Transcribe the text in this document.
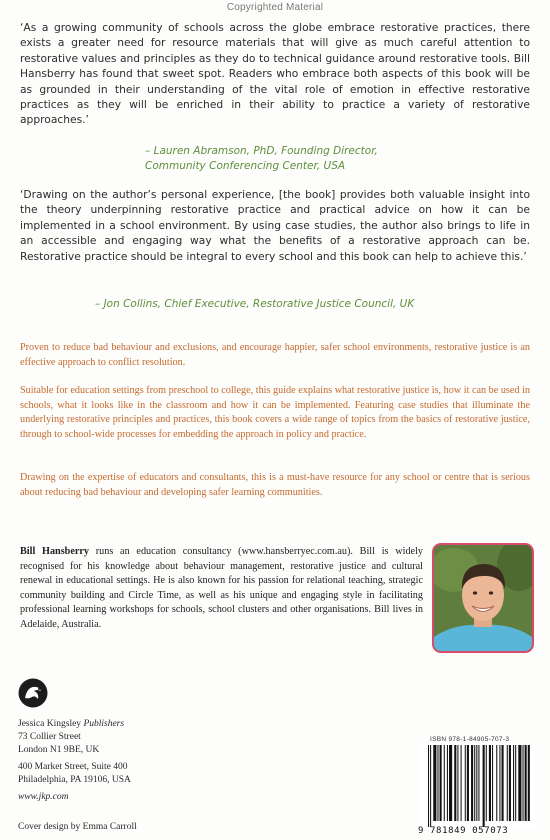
Copyrighted Material
‘As a growing community of schools across the globe embrace restorative practices, there exists a greater need for resource materials that will give as much careful attention to restorative values and principles as they do to technical guidance around restorative tools. Bill Hansberry has found that sweet spot. Readers who embrace both aspects of this book will be as grounded in their understanding of the vital role of emotion in effective restorative practices as they will be enriched in their ability to practice a variety of restorative approaches.’
– Lauren Abramson, PhD, Founding Director,
Community Conferencing Center, USA
‘Drawing on the author’s personal experience, [the book] provides both valuable insight into the theory underpinning restorative practice and practical advice on how it can be implemented in a school environment. By using case studies, the author also brings to life in an accessible and engaging way what the benefits of a restorative approach can be. Restorative practice should be integral to every school and this book can help to achieve this.’
– Jon Collins, Chief Executive, Restorative Justice Council, UK
Proven to reduce bad behaviour and exclusions, and encourage happier, safer school environments, restorative justice is an effective approach to conflict resolution.
Suitable for education settings from preschool to college, this guide explains what restorative justice is, how it can be used in schools, what it looks like in the classroom and how it can be implemented. Featuring case studies that illuminate the underlying restorative principles and practices, this book covers a wide range of topics from the basics of restorative justice, through to school-wide processes for embedding the approach in policy and practice.
Drawing on the expertise of educators and consultants, this is a must-have resource for any school or centre that is serious about reducing bad behaviour and developing safer learning communities.
Bill Hansberry runs an education consultancy (www.hansberryec.com.au). Bill is widely recognised for his knowledge about behaviour management, restorative justice and cultural renewal in educational settings. He is also known for his passion for relational teaching, strategic community building and Circle Time, as well as his unique and engaging style in facilitating professional learning workshops for schools, school clusters and other organisations. Bill lives in Adelaide, Australia.
Jessica Kingsley Publishers
73 Collier Street
London N1 9BE, UK
400 Market Street, Suite 400
Philadelphia, PA 19106, USA
www.jkp.com
Cover design by Emma Carroll
ISBN 978-1-84905-707-3
9 781849 057073
